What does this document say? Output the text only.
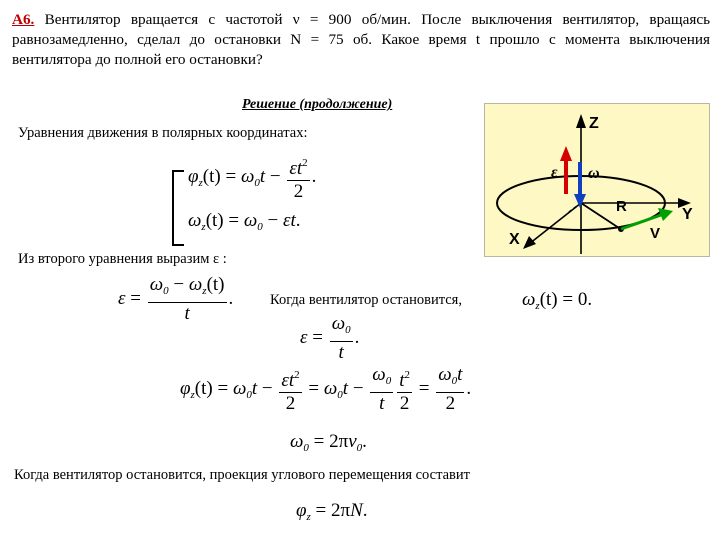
А6. Вентилятор вращается с частотой ν = 900 об/мин. После выключения вентилятор, вращаясь равнозамедленно, сделал до остановки N = 75 об. Какое время t прошло с момента выключения вентилятора до полной его остановки?
Решение (продолжение)
Уравнения движения в полярных координатах:
$\varphi_z(t) = \omega_0t - \frac{\varepsilon t^2}{2}$ .
$\omega_z(t) = \omega_0 - \varepsilon t$.
Z
Y
X
R
V
ε ω
Из второго уравнения выразим ε :
$\varepsilon = \frac{\omega_0 - \omega_z(t)}{t}$ .	Когда вентилятор остановится,	$\omega_z(t) = 0$.
$\varepsilon = \frac{\omega_0}{t}$ .
$\varphi_z(t) = \omega_0t - \frac{\varepsilon t^2}{2} = \omega_0t - \frac{\omega_0}{t} \frac{t^2}{2} = \frac{\omega_0t}{2}$ .
$\omega_0 = 2\pi\nu_0$.
Когда вентилятор остановится, проекция углового перемещения составит
$\varphi_z = 2\pi N$.
